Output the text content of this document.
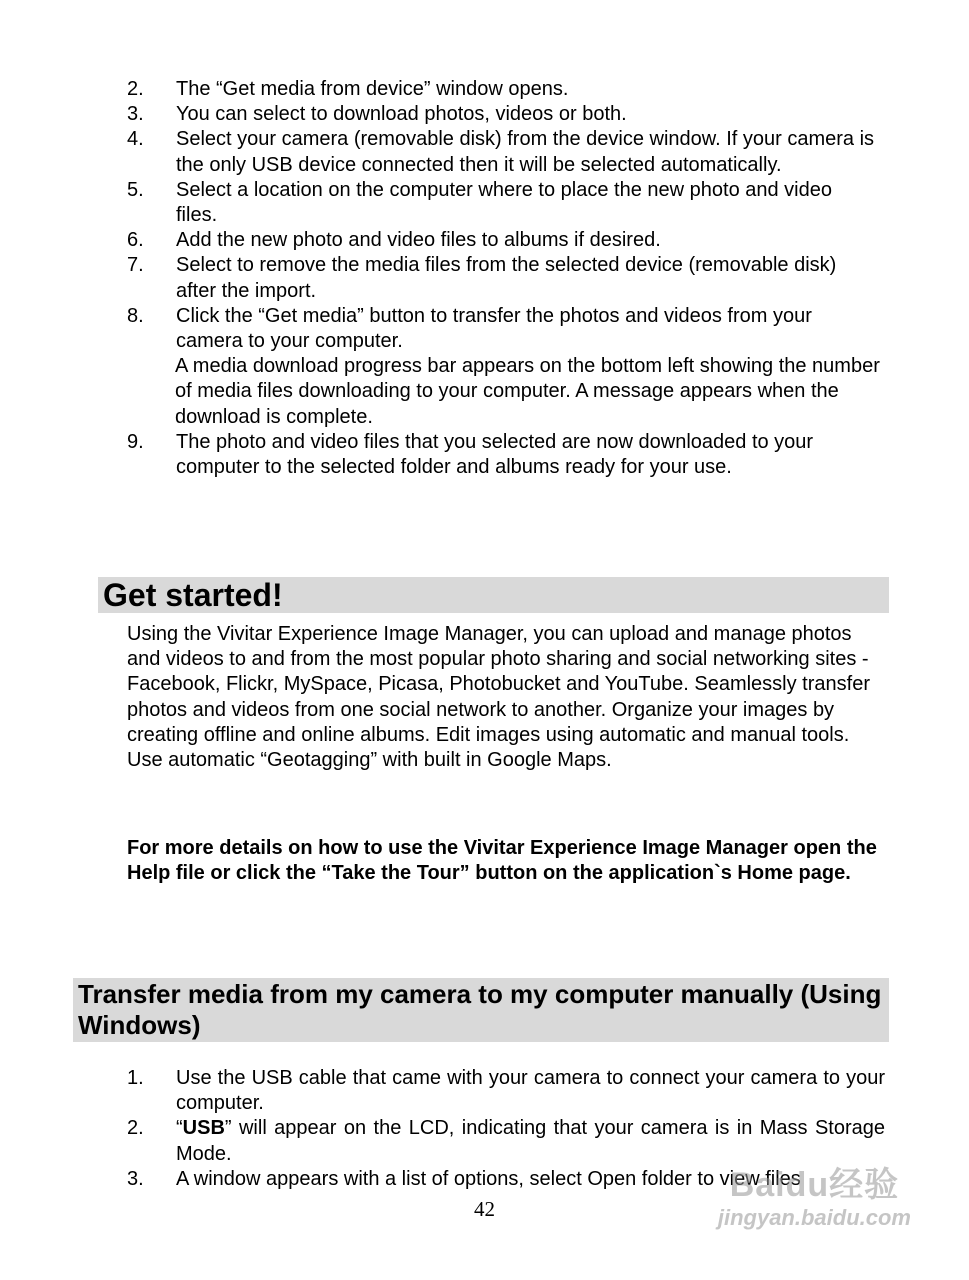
2. The “Get media from device” window opens.
3. You can select to download photos, videos or both.
4. Select your camera (removable disk) from the device window. If your camera is the only USB device connected then it will be selected automatically.
5. Select a location on the computer where to place the new photo and video files.
6. Add the new photo and video files to albums if desired.
7. Select to remove the media files from the selected device (removable disk) after the import.
8. Click the “Get media” button to transfer the photos and videos from your camera to your computer.
A media download progress bar appears on the bottom left showing the number of media files downloading to your computer. A message appears when the download is complete.
9. The photo and video files that you selected are now downloaded to your computer to the selected folder and albums ready for your use.
Get started!

Using the Vivitar Experience Image Manager, you can upload and manage photos and videos to and from the most popular photo sharing and social networking sites - Facebook, Flickr, MySpace, Picasa, Photobucket and YouTube. Seamlessly transfer photos and videos from one social network to another. Organize your images by creating offline and online albums. Edit images using automatic and manual tools. Use automatic “Geotagging” with built in Google Maps.

For more details on how to use the Vivitar Experience Image Manager open the Help file or click the “Take the Tour” button on the application`s Home page.

Transfer media from my camera to my computer manually (Using Windows)
1. Use the USB cable that came with your camera to connect your camera to your computer.
2. “USB” will appear on the LCD, indicating that your camera is in Mass Storage Mode.
3. A window appears with a list of options, select Open folder to view files
42
Baidu经验
jingyan.baidu.com
